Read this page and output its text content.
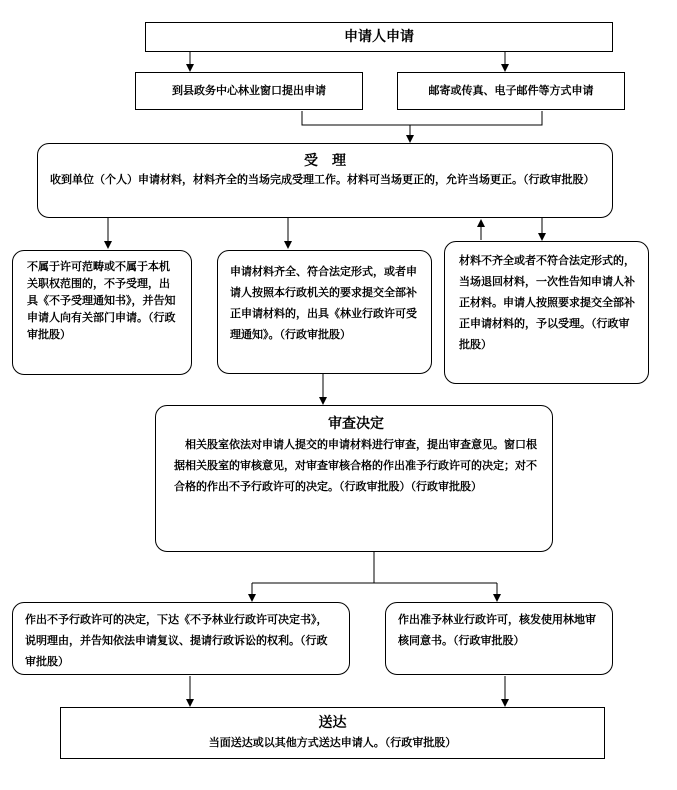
申请人申请
到县政务中心林业窗口提出申请	邮寄或传真、电子邮件等方式申请
受　理
收到单位（个人）申请材料，材料齐全的当场完成受理工作。材料可当场更正的，允许当场更正。（行政审批股）
不属于许可范畴或不属于本机关职权范围的，不予受理，出具《不予受理通知书》，并告知申请人向有关部门申请。（行政审批股）
申请材料齐全、符合法定形式，或者申请人按照本行政机关的要求提交全部补正申请材料的，出具《林业行政许可受理通知》。（行政审批股）
材料不齐全或者不符合法定形式的，当场退回材料，一次性告知申请人补正材料。申请人按照要求提交全部补正申请材料的，予以受理。（行政审批股）
审查决定
　相关股室依法对申请人提交的申请材料进行审查，提出审查意见。窗口根据相关股室的审核意见，对审查审核合格的作出准予行政许可的决定；对不合格的作出不予行政许可的决定。（行政审批股）（行政审批股）
作出不予行政许可的决定，下达《不予林业行政许可决定书》，说明理由，并告知依法申请复议、提请行政诉讼的权利。（行政审批股）
作出准予林业行政许可，核发使用林地审核同意书。（行政审批股）
送达
当面送达或以其他方式送达申请人。（行政审批股）
